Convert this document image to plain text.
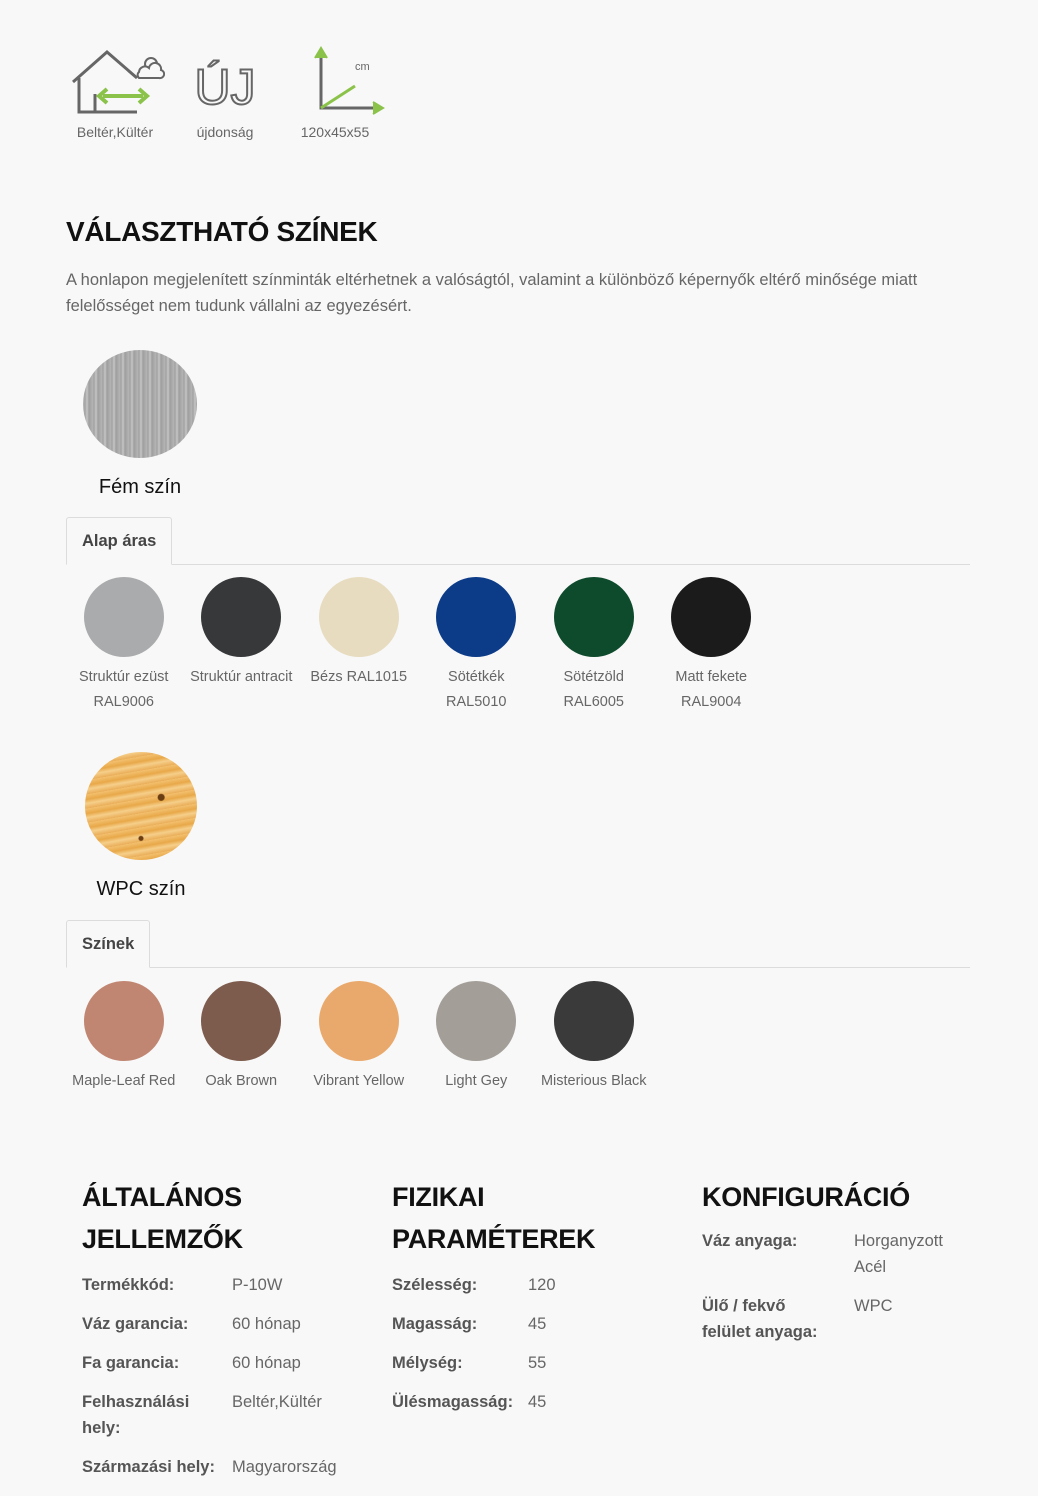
Beltér,Kültér
ÚJ
újdonság
cm
120x45x55
VÁLASZTHATÓ SZÍNEK

A honlapon megjelenített színminták eltérhetnek a valóságtól, valamint a különböző képernyők eltérő minősége miatt felelősséget nem tudunk vállalni az egyezésért.

Fém szín
Alap áras
Struktúr ezüst
RAL9006
Struktúr antracit	Bézs RAL1015	Sötétkék
RAL5010
Sötétzöld
RAL6005
Matt fekete
RAL9004
WPC szín
Színek
Maple-Leaf Red	Oak Brown	Vibrant Yellow	Light Gey	Misterious Black
ÁLTALÁNOS
JELLEMZŐK
Termékkód:	P-10W
Váz garancia:	60 hónap
Fa garancia:	60 hónap
Felhasználási
hely:	Beltér,Kültér
Származási hely:	Magyarország
FIZIKAI
PARAMÉTEREK
Szélesség:	120
Magasság:	45
Mélység:	55
Ülésmagasság:	45
KONFIGURÁCIÓ
Váz anyaga:	Horganyzott
Acél
Ülő / fekvő
felület anyaga:	WPC
